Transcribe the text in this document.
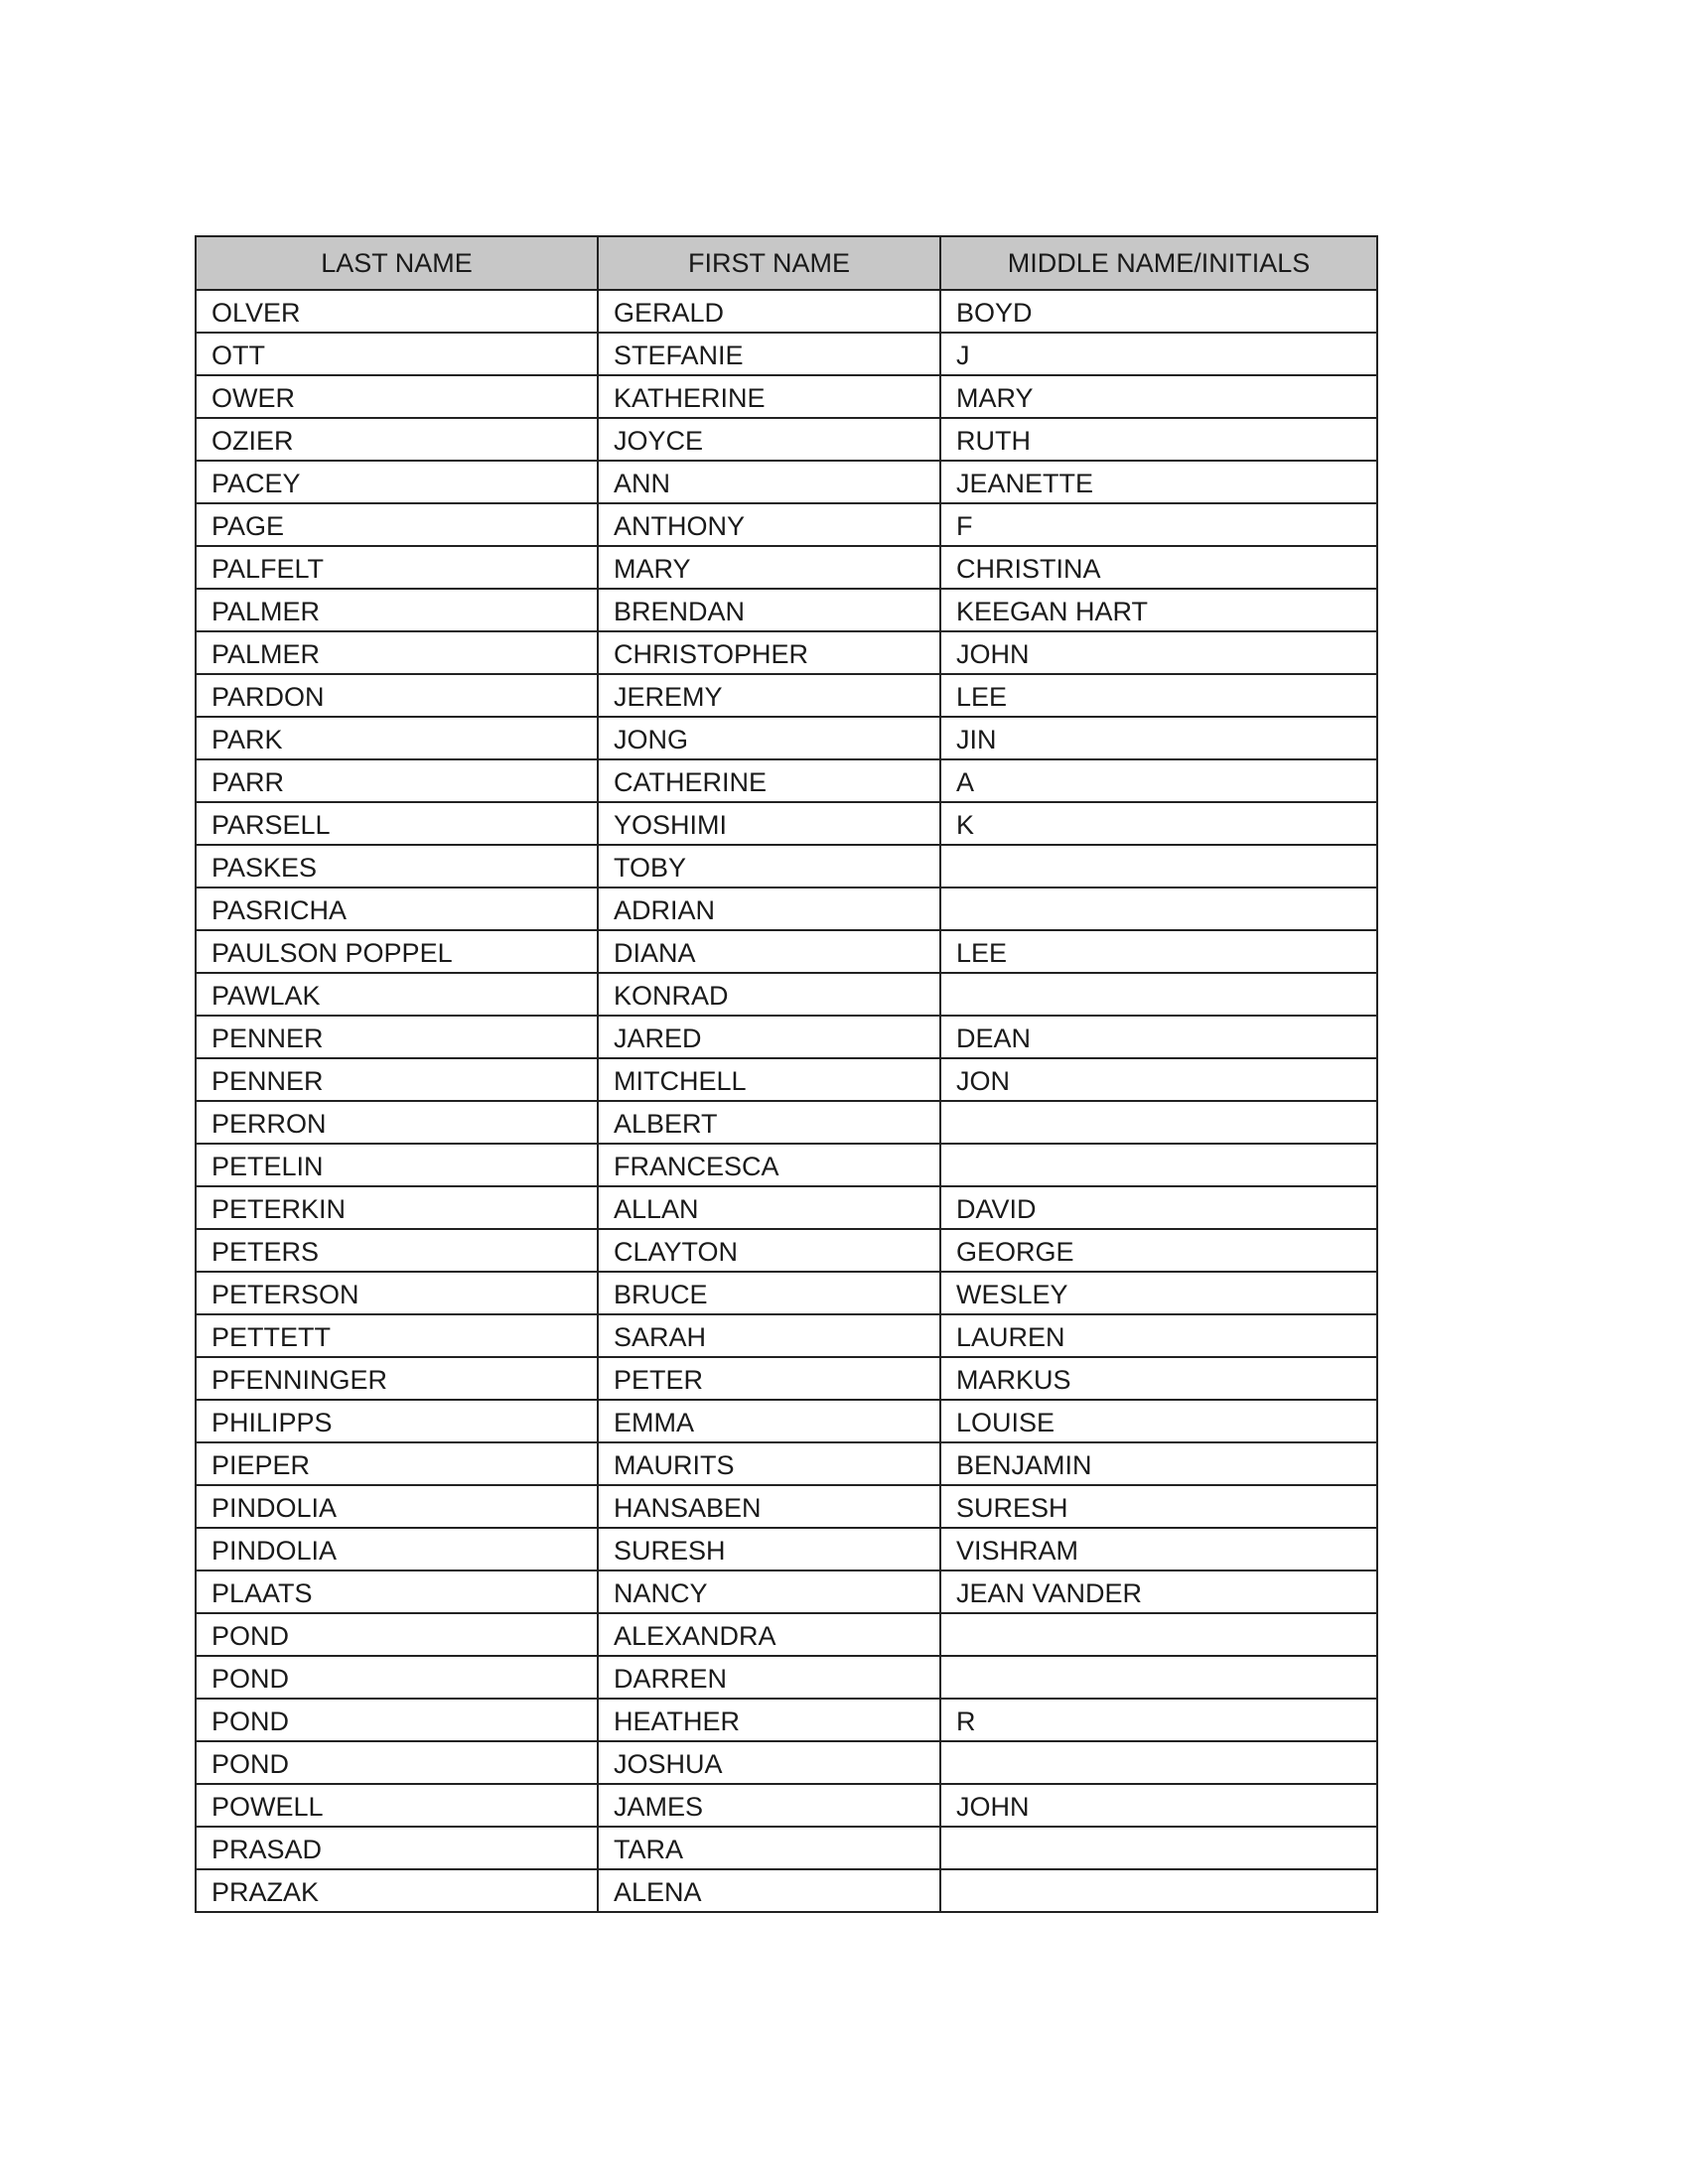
LAST NAME	FIRST NAME	MIDDLE NAME/INITIALS
OLVER	GERALD	BOYD
OTT	STEFANIE	J
OWER	KATHERINE	MARY
OZIER	JOYCE	RUTH
PACEY	ANN	JEANETTE
PAGE	ANTHONY	F
PALFELT	MARY	CHRISTINA
PALMER	BRENDAN	KEEGAN HART
PALMER	CHRISTOPHER	JOHN
PARDON	JEREMY	LEE
PARK	JONG	JIN
PARR	CATHERINE	A
PARSELL	YOSHIMI	K
PASKES	TOBY	
PASRICHA	ADRIAN	
PAULSON POPPEL	DIANA	LEE
PAWLAK	KONRAD	
PENNER	JARED	DEAN
PENNER	MITCHELL	JON
PERRON	ALBERT	
PETELIN	FRANCESCA	
PETERKIN	ALLAN	DAVID
PETERS	CLAYTON	GEORGE
PETERSON	BRUCE	WESLEY
PETTETT	SARAH	LAUREN
PFENNINGER	PETER	MARKUS
PHILIPPS	EMMA	LOUISE
PIEPER	MAURITS	BENJAMIN
PINDOLIA	HANSABEN	SURESH
PINDOLIA	SURESH	VISHRAM
PLAATS	NANCY	JEAN VANDER
POND	ALEXANDRA	
POND	DARREN	
POND	HEATHER	R
POND	JOSHUA	
POWELL	JAMES	JOHN
PRASAD	TARA	
PRAZAK	ALENA	
